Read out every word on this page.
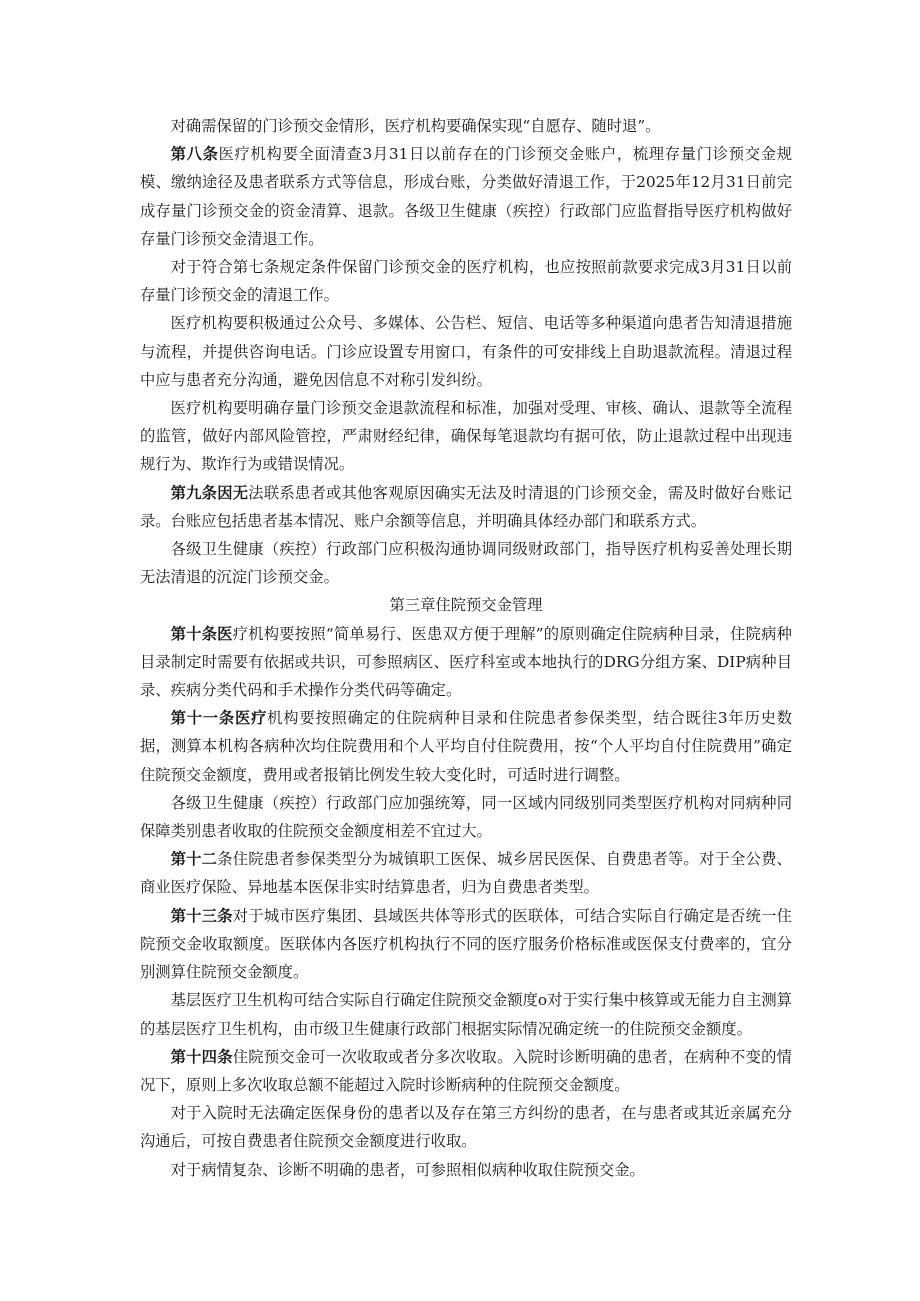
对确需保留的门诊预交金情形，医疗机构要确保实现“自愿存、随时退”。

第八条医疗机构要全面清查3月31日以前存在的门诊预交金账户，梳理存量门诊预交金规模、缴纳途径及患者联系方式等信息，形成台账，分类做好清退工作，于2025年12月31日前完成存量门诊预交金的资金清算、退款。各级卫生健康（疾控）行政部门应监督指导医疗机构做好存量门诊预交金清退工作。

对于符合第七条规定条件保留门诊预交金的医疗机构，也应按照前款要求完成3月31日以前存量门诊预交金的清退工作。

医疗机构要积极通过公众号、多媒体、公告栏、短信、电话等多种渠道向患者告知清退措施与流程，并提供咨询电话。门诊应设置专用窗口，有条件的可安排线上自助退款流程。清退过程中应与患者充分沟通，避免因信息不对称引发纠纷。

医疗机构要明确存量门诊预交金退款流程和标准，加强对受理、审核、确认、退款等全流程的监管，做好内部风险管控，严肃财经纪律，确保每笔退款均有据可依，防止退款过程中出现违规行为、欺诈行为或错误情况。

第九条因无法联系患者或其他客观原因确实无法及时清退的门诊预交金，需及时做好台账记录。台账应包括患者基本情况、账户余额等信息，并明确具体经办部门和联系方式。

各级卫生健康（疾控）行政部门应积极沟通协调同级财政部门，指导医疗机构妥善处理长期无法清退的沉淀门诊预交金。

第三章住院预交金管理

第十条医疗机构要按照“简单易行、医患双方便于理解”的原则确定住院病种目录，住院病种目录制定时需要有依据或共识，可参照病区、医疗科室或本地执行的DRG分组方案、DIP病种目录、疾病分类代码和手术操作分类代码等确定。

第十一条医疗机构要按照确定的住院病种目录和住院患者参保类型，结合既往3年历史数据，测算本机构各病种次均住院费用和个人平均自付住院费用，按“个人平均自付住院费用”确定住院预交金额度，费用或者报销比例发生较大变化时，可适时进行调整。

各级卫生健康（疾控）行政部门应加强统筹，同一区域内同级别同类型医疗机构对同病种同保障类别患者收取的住院预交金额度相差不宜过大。

第十二条住院患者参保类型分为城镇职工医保、城乡居民医保、自费患者等。对于全公费、商业医疗保险、异地基本医保非实时结算患者，归为自费患者类型。

第十三条对于城市医疗集团、县域医共体等形式的医联体，可结合实际自行确定是否统一住院预交金收取额度。医联体内各医疗机构执行不同的医疗服务价格标准或医保支付费率的，宜分别测算住院预交金额度。

基层医疗卫生机构可结合实际自行确定住院预交金额度o对于实行集中核算或无能力自主测算的基层医疗卫生机构，由市级卫生健康行政部门根据实际情况确定统一的住院预交金额度。

第十四条住院预交金可一次收取或者分多次收取。入院时诊断明确的患者，在病种不变的情况下，原则上多次收取总额不能超过入院时诊断病种的住院预交金额度。

对于入院时无法确定医保身份的患者以及存在第三方纠纷的患者，在与患者或其近亲属充分沟通后，可按自费患者住院预交金额度进行收取。

对于病情复杂、诊断不明确的患者，可参照相似病种收取住院预交金。
